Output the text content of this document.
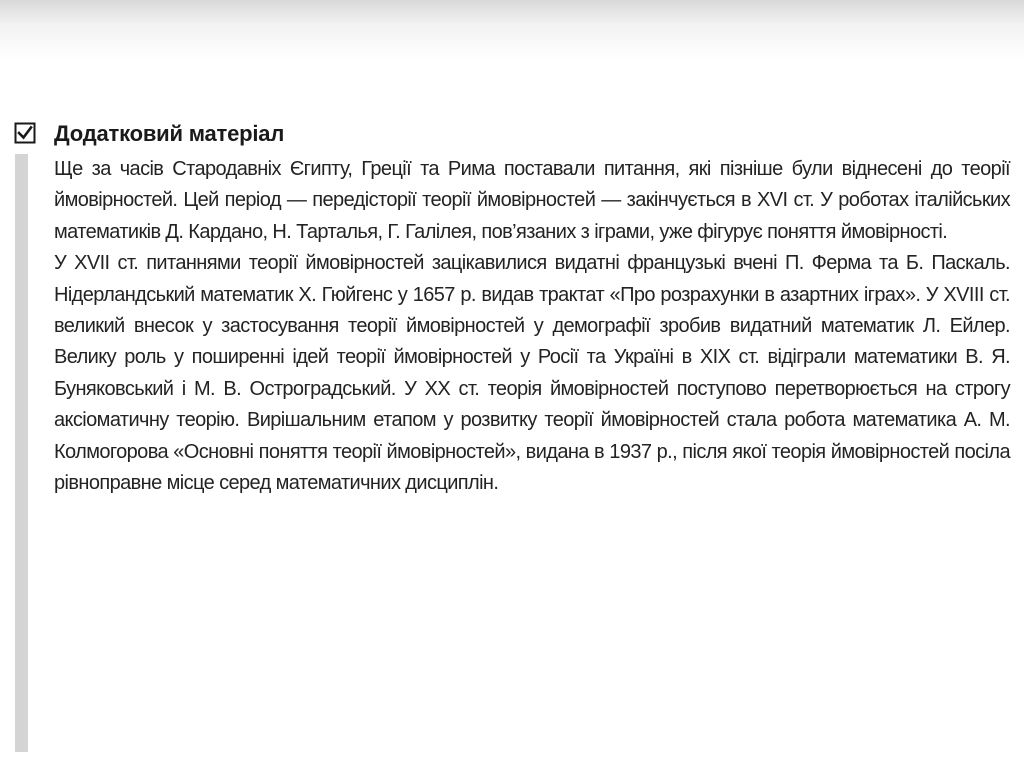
Додатковий матеріал

Ще за часів Стародавніх Єгипту, Греції та Рима поставали питання, які пізніше були віднесені до теорії ймовірностей. Цей період — передісторії теорії ймовірностей — закінчується в XVI ст. У роботах італійських математиків Д. Кардано, Н. Тарталья, Г. Галілея, пов’язаних з іграми, уже фігурує поняття ймовірності.

У XVII ст. питаннями теорії ймовірностей зацікавилися видатні французькі вчені П. Ферма та Б. Паскаль. Нідерландський математик X. Гюйгенс у 1657 р. видав трактат «Про розрахунки в азартних іграх». У XVIII ст. великий внесок у застосування теорії ймовірностей у демографії зробив видатний математик Л. Ейлер. Велику роль у поширенні ідей теорії ймовірностей у Росії та Україні в XIX ст. відіграли математики В. Я. Буняковський і М. В. Остроградський. У XX ст. теорія ймовірностей поступово перетворюється на строгу аксіоматичну теорію. Вирішальним етапом у розвитку теорії ймовірностей стала робота математика А. М. Колмогорова «Основні поняття теорії ймовірностей», видана в 1937 р., після якої теорія ймовірностей посіла рівноправне місце серед математичних дисциплін.
